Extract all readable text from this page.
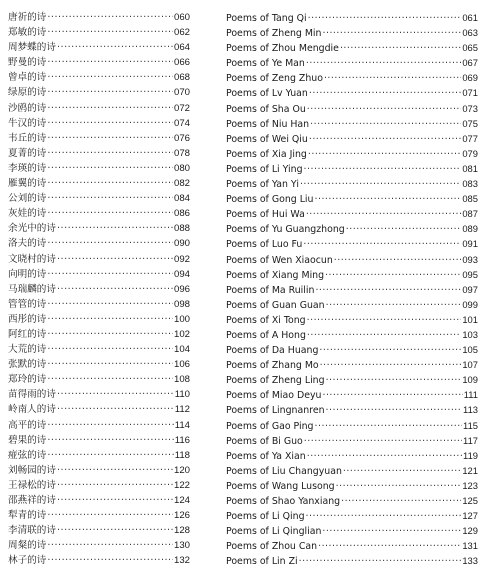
唐祈的诗 ·····	060
郑敏的诗 ·····	062
周梦蝶的诗 ·····	064
野曼的诗 ·····	066
曾卓的诗 ·····	068
绿原的诗 ·····	070
沙鸥的诗 ·····	072
牛汉的诗 ·····	074
韦丘的诗 ·····	076
夏菁的诗 ·····	078
李瑛的诗 ·····	080
雁翼的诗 ·····	082
公刘的诗 ·····	084
灰娃的诗 ·····	086
余光中的诗 ·····	088
洛夫的诗 ·····	090
文晓村的诗 ·····	092
向明的诗 ·····	094
马瑞麟的诗 ·····	096
管管的诗 ·····	098
西彤的诗 ·····	100
阿红的诗 ·····	102
大荒的诗 ·····	104
张默的诗 ·····	106
郑玲的诗 ·····	108
苗得雨的诗 ·····	110
岭南人的诗 ·····	112
高平的诗 ·····	114
碧果的诗 ·····	116
痖弦的诗 ·····	118
刘畅园的诗 ·····	120
王禄松的诗 ·····	122
邵燕祥的诗 ·····	124
犁青的诗 ·····	126
李清联的诗 ·····	128
周粲的诗 ·····	130
林子的诗 ·····	132
Poems of Tang Qi ·····	061
Poems of Zheng Min ·····	063
Poems of Zhou Mengdie ·····	065
Poems of Ye Man ·····	067
Poems of Zeng Zhuo ·····	069
Poems of Lv Yuan ·····	071
Poems of Sha Ou ·····	073
Poems of Niu Han ·····	075
Poems of Wei Qiu ·····	077
Poems of Xia Jing ·····	079
Poems of Li Ying ·····	081
Poems of Yan Yi ·····	083
Poems of Gong Liu ·····	085
Poems of Hui Wa ·····	087
Poems of Yu Guangzhong ·····	089
Poems of Luo Fu ·····	091
Poems of Wen Xiaocun ·····	093
Poems of Xiang Ming ·····	095
Poems of Ma Ruilin ·····	097
Poems of Guan Guan ·····	099
Poems of Xi Tong ·····	101
Poems of A Hong ·····	103
Poems of Da Huang ·····	105
Poems of Zhang Mo ·····	107
Poems of Zheng Ling ·····	109
Poems of Miao Deyu ·····	111
Poems of Lingnanren ·····	113
Poems of Gao Ping ·····	115
Poems of Bi Guo ·····	117
Poems of Ya Xian ·····	119
Poems of Liu Changyuan ·····	121
Poems of Wang Lusong ·····	123
Poems of Shao Yanxiang ·····	125
Poems of Li Qing ·····	127
Poems of Li Qinglian ·····	129
Poems of Zhou Can ·····	131
Poems of Lin Zi ·····	133
